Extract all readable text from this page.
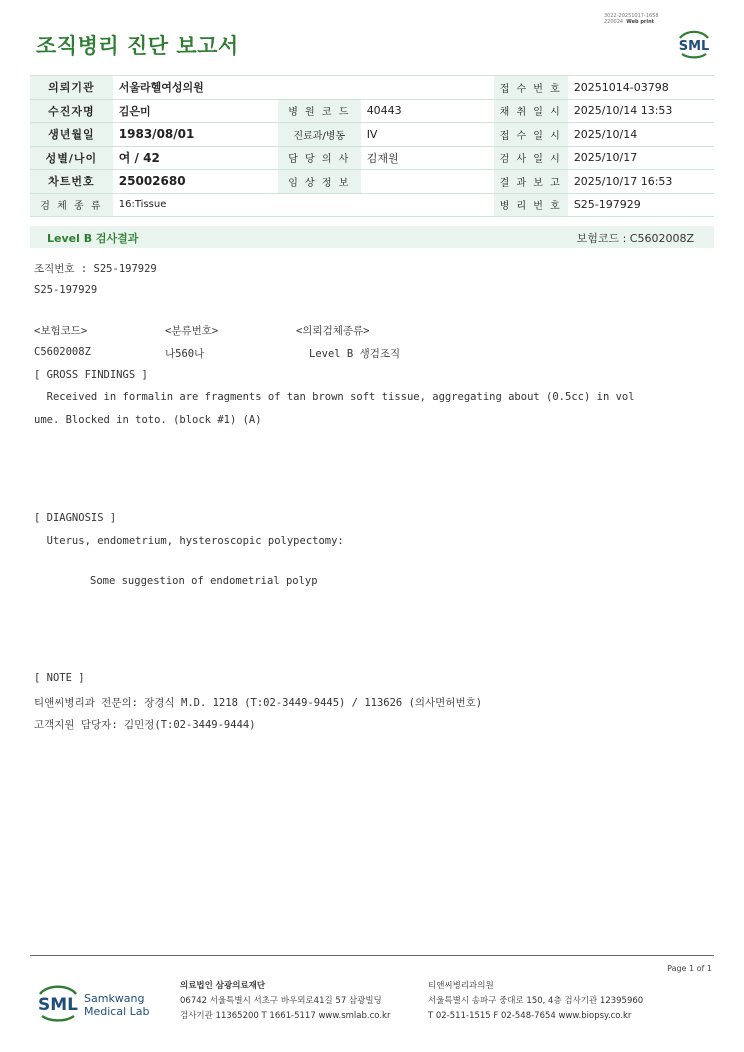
조직병리 진단 보고서
3022-20251017-1658
220024 Web print
SML
의뢰기관	서울라헬여성의원			접 수 번 호	20251014-03798
수진자명	김은미	병 원 코 드	40443	채 취 일 시	2025/10/14 13:53
생년월일	1983/08/01	진료과/병동	IV	접 수 일 시	2025/10/14
성별/나이	여 / 42	담 당 의 사	김재원	검 사 일 시	2025/10/17
차트번호	25002680	임 상 정 보		결 과 보 고	2025/10/17 16:53
검 체 종 류	16:Tissue			병 리 번 호	S25-197929
Level B 검사결과	보험코드 : C5602008Z
조직번호 : S25-197929
S25-197929
<보험코드>	<분류번호>	<의뢰검체종류>
C5602008Z	나560나	Level B 생검조직
[ GROSS FINDINGS ]
Received in formalin are fragments of tan brown soft tissue, aggregating about (0.5cc) in vol
ume. Blocked in toto. (block #1) (A)
[ DIAGNOSIS ]
Uterus, endometrium, hysteroscopic polypectomy:
Some suggestion of endometrial polyp
[ NOTE ]
티앤씨병리과 전문의: 장경식 M.D. 1218 (T:02-3449-9445) / 113626 (의사면허번호)
고객지원 담당자: 김민정(T:02-3449-9444)
Page 1 of 1
SML Samkwang
Medical Lab
의료법인 삼광의료재단
06742 서울특별시 서초구 바우뫼로41길 57 삼광빌딩
검사기관 11365200 T 1661-5117 www.smlab.co.kr
티앤씨병리과의원
서울특별시 송파구 중대로 150, 4층 검사기관 12395960
T 02-511-1515 F 02-548-7654 www.biopsy.co.kr
